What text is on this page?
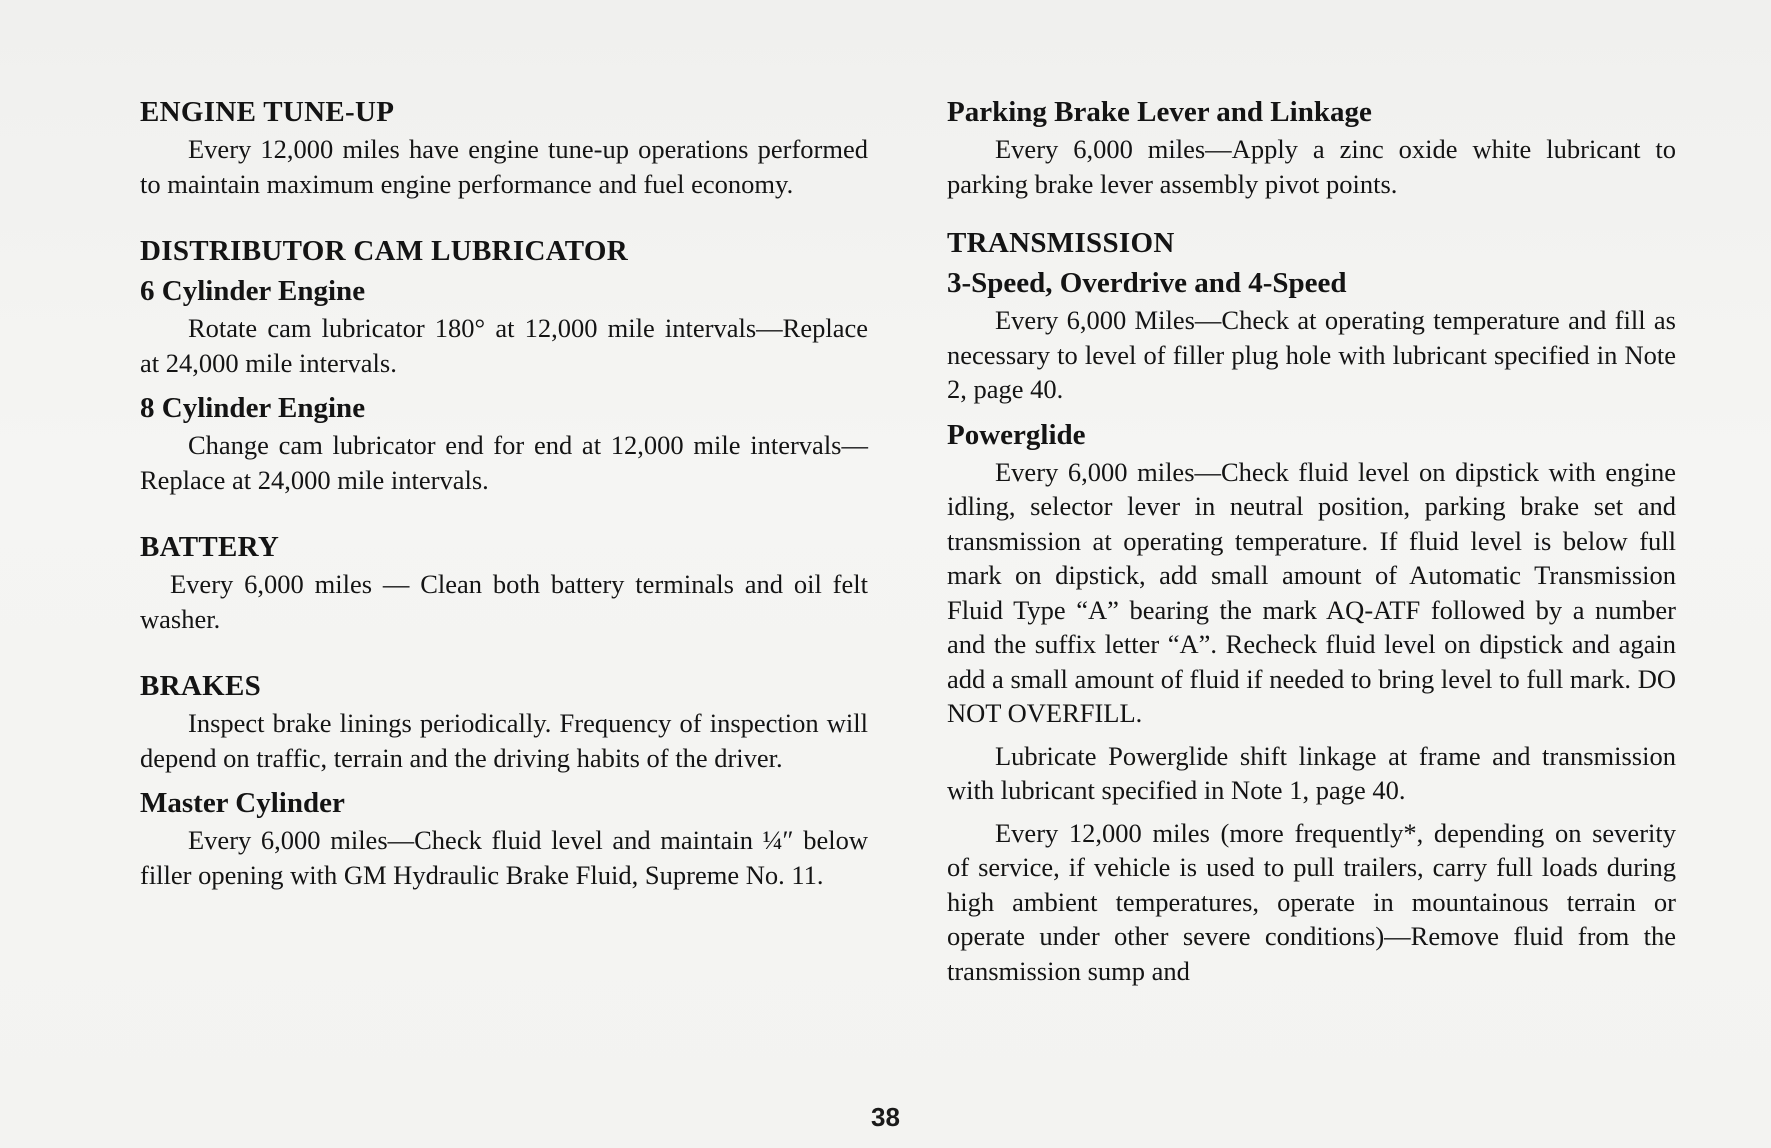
ENGINE TUNE-UP

Every 12,000 miles have engine tune-up operations performed to maintain maximum engine performance and fuel economy.

DISTRIBUTOR CAM LUBRICATOR
6 Cylinder Engine

Rotate cam lubricator 180° at 12,000 mile intervals—Replace at 24,000 mile intervals.

8 Cylinder Engine

Change cam lubricator end for end at 12,000 mile intervals—Replace at 24,000 mile intervals.

BATTERY

Every 6,000 miles — Clean both battery terminals and oil felt washer.

BRAKES

Inspect brake linings periodically. Frequency of inspection will depend on traffic, terrain and the driving habits of the driver.

Master Cylinder

Every 6,000 miles—Check fluid level and maintain ¼″ below filler opening with GM Hydraulic Brake Fluid, Supreme No. 11.

Parking Brake Lever and Linkage

Every 6,000 miles—Apply a zinc oxide white lubricant to parking brake lever assembly pivot points.

TRANSMISSION
3-Speed, Overdrive and 4-Speed

Every 6,000 Miles—Check at operating temperature and fill as necessary to level of filler plug hole with lubricant specified in Note 2, page 40.

Powerglide

Every 6,000 miles—Check fluid level on dipstick with engine idling, selector lever in neutral position, parking brake set and transmission at operating temperature. If fluid level is below full mark on dipstick, add small amount of Automatic Transmission Fluid Type “A” bearing the mark AQ-ATF followed by a number and the suffix letter “A”. Recheck fluid level on dipstick and again add a small amount of fluid if needed to bring level to full mark. DO NOT OVERFILL.

Lubricate Powerglide shift linkage at frame and transmission with lubricant specified in Note 1, page 40.

Every 12,000 miles (more frequently*, depending on severity of service, if vehicle is used to pull trailers, carry full loads during high ambient temperatures, operate in mountainous terrain or operate under other severe conditions)—Remove fluid from the transmission sump and

38
